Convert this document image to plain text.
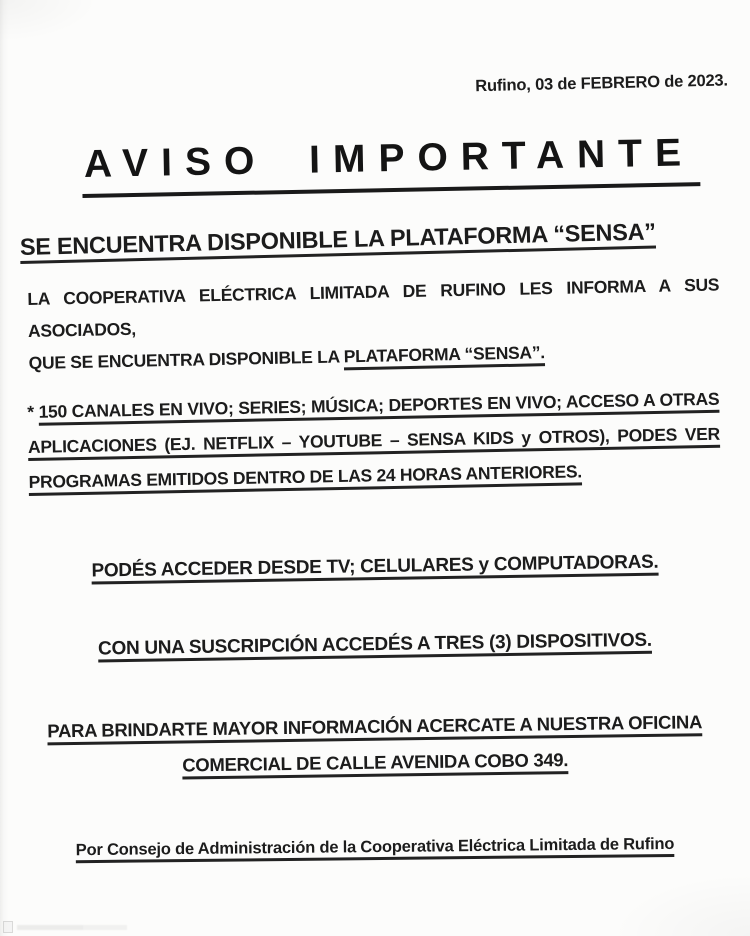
Rufino, 03 de FEBRERO de 2023.
AVISO IMPORTANTE
SE ENCUENTRA DISPONIBLE LA PLATAFORMA “SENSA”
LA COOPERATIVA ELÉCTRICA LIMITADA DE RUFINO LES INFORMA A SUS ASOCIADOS,
QUE SE ENCUENTRA DISPONIBLE LA PLATAFORMA “SENSA”.
* 150 CANALES EN VIVO; SERIES; MÚSICA; DEPORTES EN VIVO; ACCESO A OTRAS
APLICACIONES (EJ. NETFLIX – YOUTUBE – SENSA KIDS y OTROS), PODES VER
PROGRAMAS EMITIDOS DENTRO DE LAS 24 HORAS ANTERIORES.
PODÉS ACCEDER DESDE TV; CELULARES y COMPUTADORAS.
CON UNA SUSCRIPCIÓN ACCEDÉS A TRES (3) DISPOSITIVOS.
PARA BRINDARTE MAYOR INFORMACIÓN ACERCATE A NUESTRA OFICINA
COMERCIAL DE CALLE AVENIDA COBO 349.
Por Consejo de Administración de la Cooperativa Eléctrica Limitada de Rufino
